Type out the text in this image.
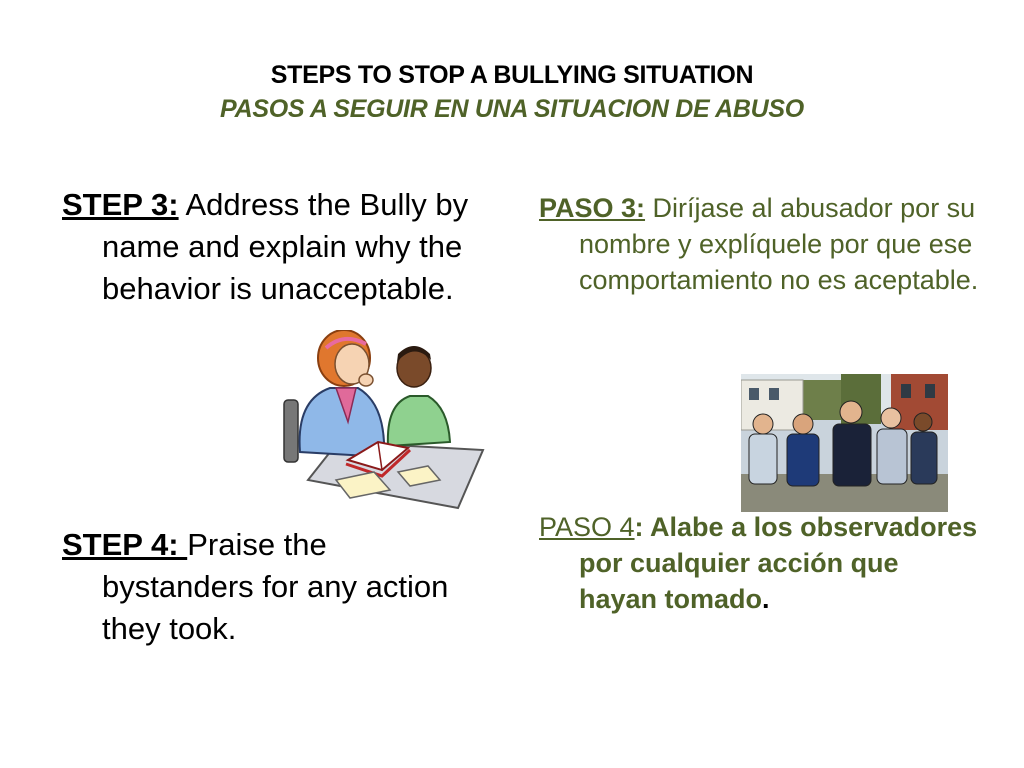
STEPS TO STOP A BULLYING SITUATION
PASOS A SEGUIR EN UNA SITUACION DE ABUSO

STEP 3: Address the Bully by name and explain why the behavior is unacceptable.

STEP 4: Praise the bystanders for any action they took.

PASO 3: Diríjase al abusador por su nombre y explíquele por que ese comportamiento no es aceptable.

PASO 4: Alabe a los observadores por cualquier acción que hayan tomado.
